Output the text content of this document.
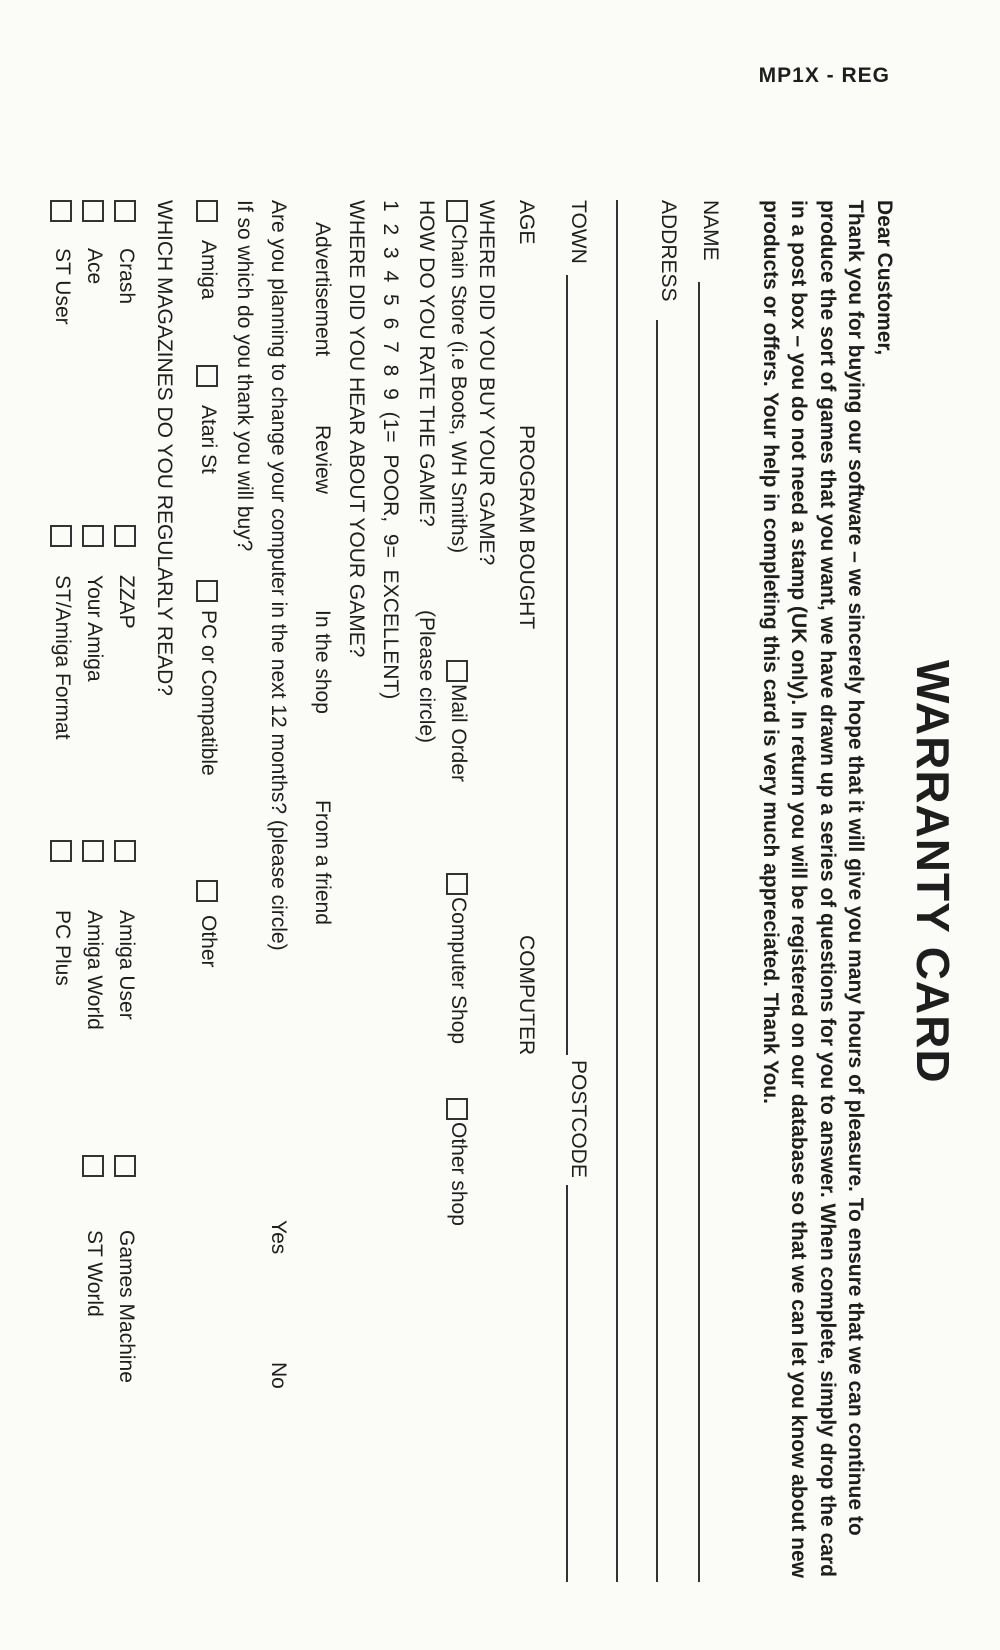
MP1X - REG
WARRANTY CARD
Dear Customer,
Thank you for buying our software – we sincerely hope that it will give you many hours of pleasure. To ensure that we can continue to produce the sort of games that you want, we have drawn up a series of questions for you to answer. When complete, simply drop the card in a post box – you do not need a stamp (UK only). In return you will be registered on our database so that we can let you know about new products or offers. Your help in completing this card is very much appreciated. Thank You.
NAME
ADDRESS
TOWN
POSTCODE
AGE
PROGRAM BOUGHT
COMPUTER
WHERE DID YOU BUY YOUR GAME?
Chain Store (i.e Boots, WH Smiths)
Mail Order
Computer Shop
Other shop
HOW DO YOU RATE THE GAME?
(Please circle)
1 2 3 4 5 6 7 8 9 (1= POOR, 9= EXCELLENT)
WHERE DID YOU HEAR ABOUT YOUR GAME?
Advertisement
Review
In the shop
From a friend
Are you planning to change your computer in the next 12 months? (please circle)
Yes
No
If so which do you thank you will buy?
Amiga
Atari St
PC or Compatible
Other
WHICH MAGAZINES DO YOU REGULARLY READ?
Crash
Ace
ST User
ZZAP
Your Amiga
ST/Amiga Format
Amiga User
Amiga World
PC Plus
Games Machine
ST World
